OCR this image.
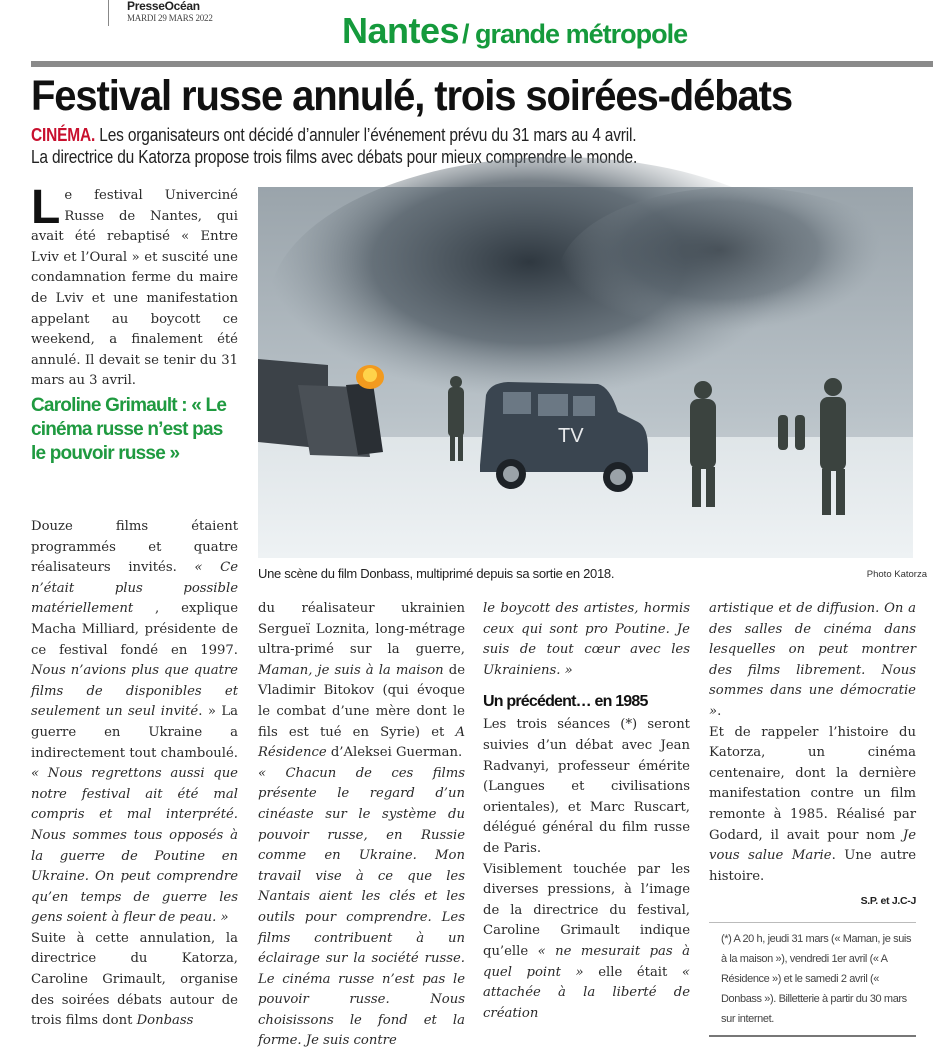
PresseOcéan
MARDI 29 MARS 2022	Nantes / grande métropole
Festival russe annulé, trois soirées-débats
CINÉMA. Les organisateurs ont décidé d’annuler l’événement prévu du 31 mars au 4 avril.
La directrice du Katorza propose trois films avec débats pour mieux comprendre le monde.
L e festival Univerciné Russe de Nantes, qui avait été rebaptisé « Entre Lviv et l’Oural » et suscité une condamnation ferme du maire de Lviv et une manifestation appelant au boycott ce weekend, a finalement été annulé. Il devait se tenir du 31 mars au 3 avril.

Caroline Grimault : « Le cinéma russe n’est pas le pouvoir russe »

Douze films étaient programmés et quatre réalisateurs invités. « Ce n’était plus possible matériellement , explique Macha Milliard, présidente de ce festival fondé en 1997. Nous n’avions plus que quatre films de disponibles et seulement un seul invité. » La guerre en Ukraine a indirectement tout chamboulé. « Nous regrettons aussi que notre festival ait été mal compris et mal interprété. Nous sommes tous opposés à la guerre de Poutine en Ukraine. On peut comprendre qu’en temps de guerre les gens soient à fleur de peau. »

Suite à cette annulation, la directrice du Katorza, Caroline Grimault, organise des soirées débats autour de trois films dont Donbass

TV
Une scène du film Donbass, multiprimé depuis sa sortie en 2018.	Photo Katorza

du réalisateur ukrainien Sergueï Loznita, long-métrage ultra-primé sur la guerre, Maman, je suis à la maison de Vladimir Bitokov (qui évoque le combat d’une mère dont le fils est tué en Syrie) et A Résidence d’Aleksei Guerman.

« Chacun de ces films présente le regard d’un cinéaste sur le système du pouvoir russe, en Russie comme en Ukraine. Mon travail vise à ce que les Nantais aient les clés et les outils pour comprendre. Les films contribuent à un éclairage sur la société russe. Le cinéma russe n’est pas le pouvoir russe. Nous choisissons le fond et la forme. Je suis contre

le boycott des artistes, hormis ceux qui sont pro Poutine. Je suis de tout cœur avec les Ukrainiens. »

Un précédent… en 1985

Les trois séances (*) seront suivies d’un débat avec Jean Radvanyi, professeur émérite (Langues et civilisations orientales), et Marc Ruscart, délégué général du film russe de Paris.

Visiblement touchée par les diverses pressions, à l’image de la directrice du festival, Caroline Grimault indique qu’elle « ne mesurait pas à quel point » elle était « attachée à la liberté de création

artistique et de diffusion. On a des salles de cinéma dans lesquelles on peut montrer des films librement. Nous sommes dans une démocratie ».

Et de rappeler l’histoire du Katorza, un cinéma centenaire, dont la dernière manifestation contre un film remonte à 1985. Réalisé par Godard, il avait pour nom Je vous salue Marie. Une autre histoire.

S.P. et J.C-J
(*) A 20 h, jeudi 31 mars (« Maman, je suis à la maison »), vendredi 1er avril (« A Résidence ») et le samedi 2 avril (« Donbass »). Billetterie à partir du 30 mars sur internet.
